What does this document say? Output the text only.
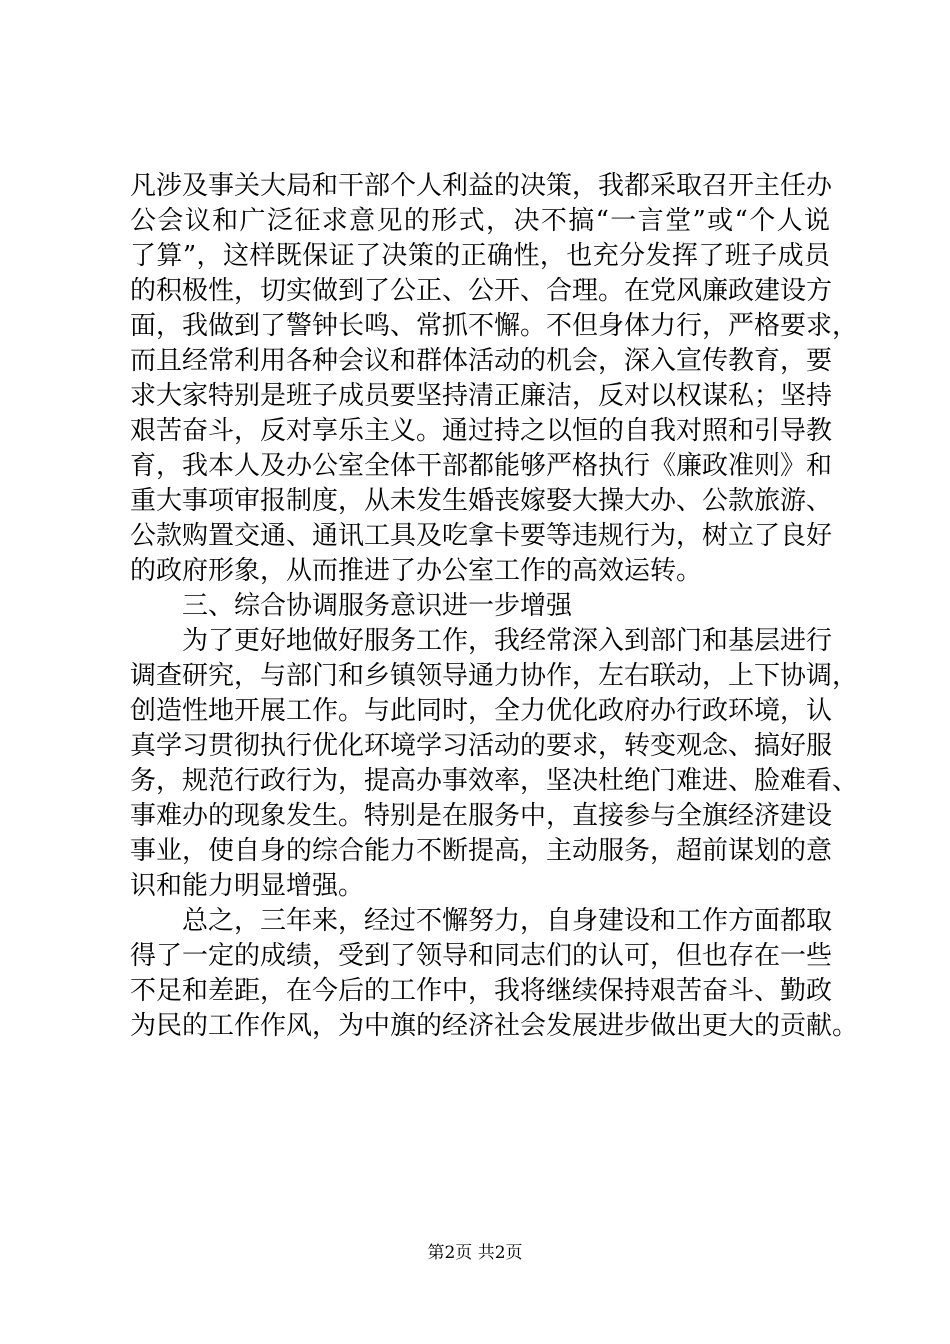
凡涉及事关大局和干部个人利益的决策，我都采取召开主任办
公会议和广泛征求意见的形式，决不搞“一言堂”或“个人说
了算”，这样既保证了决策的正确性，也充分发挥了班子成员
的积极性，切实做到了公正、公开、合理。在党风廉政建设方
面，我做到了警钟长鸣、常抓不懈。不但身体力行，严格要求，
而且经常利用各种会议和群体活动的机会，深入宣传教育，要
求大家特别是班子成员要坚持清正廉洁，反对以权谋私；坚持
艰苦奋斗，反对享乐主义。通过持之以恒的自我对照和引导教
育，我本人及办公室全体干部都能够严格执行《廉政准则》和
重大事项审报制度，从未发生婚丧嫁娶大操大办、公款旅游、
公款购置交通、通讯工具及吃拿卡要等违规行为，树立了良好
的政府形象，从而推进了办公室工作的高效运转。
三、综合协调服务意识进一步增强
为了更好地做好服务工作，我经常深入到部门和基层进行
调查研究，与部门和乡镇领导通力协作，左右联动，上下协调，
创造性地开展工作。与此同时，全力优化政府办行政环境，认
真学习贯彻执行优化环境学习活动的要求，转变观念、搞好服
务，规范行政行为，提高办事效率，坚决杜绝门难进、脸难看、
事难办的现象发生。特别是在服务中，直接参与全旗经济建设
事业，使自身的综合能力不断提高，主动服务，超前谋划的意
识和能力明显增强。
总之，三年来，经过不懈努力，自身建设和工作方面都取
得了一定的成绩，受到了领导和同志们的认可，但也存在一些
不足和差距，在今后的工作中，我将继续保持艰苦奋斗、勤政
为民的工作作风，为中旗的经济社会发展进步做出更大的贡献。
第2页 共2页
